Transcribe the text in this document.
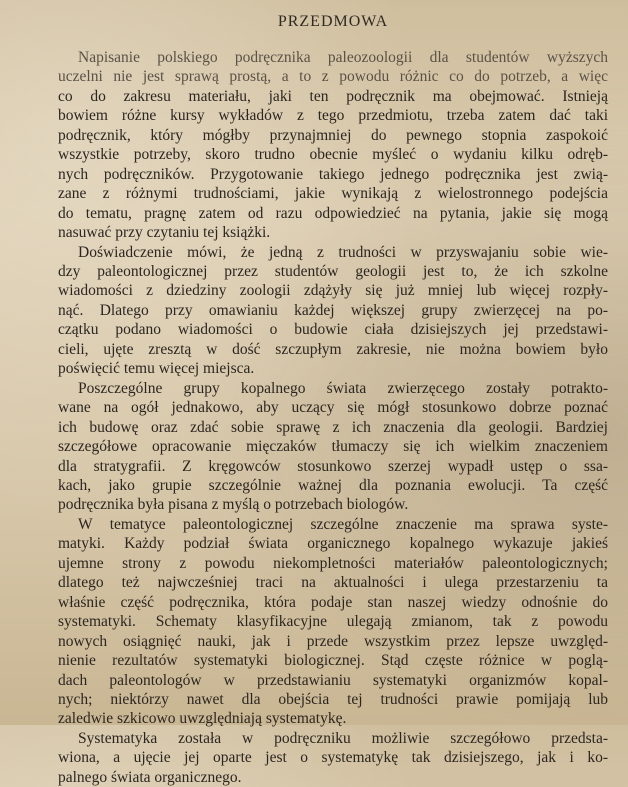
PRZEDMOWA
Napisanie polskiego podręcznika paleozoologii dla studentów wyższych
uczelni nie jest sprawą prostą, a to z powodu różnic co do potrzeb, a więc
co do zakresu materiału, jaki ten podręcznik ma obejmować. Istnieją
bowiem różne kursy wykładów z tego przedmiotu, trzeba zatem dać taki
podręcznik, który mógłby przynajmniej do pewnego stopnia zaspokoić
wszystkie potrzeby, skoro trudno obecnie myśleć o wydaniu kilku odręb-
nych podręczników. Przygotowanie takiego jednego podręcznika jest zwią-
zane z różnymi trudnościami, jakie wynikają z wielostronnego podejścia
do tematu, pragnę zatem od razu odpowiedzieć na pytania, jakie się mogą
nasuwać przy czytaniu tej książki.
Doświadczenie mówi, że jedną z trudności w przyswajaniu sobie wie-
dzy paleontologicznej przez studentów geologii jest to, że ich szkolne
wiadomości z dziedziny zoologii zdążyły się już mniej lub więcej rozpły-
nąć. Dlatego przy omawianiu każdej większej grupy zwierzęcej na po-
czątku podano wiadomości o budowie ciała dzisiejszych jej przedstawi-
cieli, ujęte zresztą w dość szczupłym zakresie, nie można bowiem było
poświęcić temu więcej miejsca.
Poszczególne grupy kopalnego świata zwierzęcego zostały potrakto-
wane na ogół jednakowo, aby uczący się mógł stosunkowo dobrze poznać
ich budowę oraz zdać sobie sprawę z ich znaczenia dla geologii. Bardziej
szczegółowe opracowanie mięczaków tłumaczy się ich wielkim znaczeniem
dla stratygrafii. Z kręgowców stosunkowo szerzej wypadł ustęp o ssa-
kach, jako grupie szczególnie ważnej dla poznania ewolucji. Ta część
podręcznika była pisana z myślą o potrzebach biologów.
W tematyce paleontologicznej szczególne znaczenie ma sprawa syste-
matyki. Każdy podział świata organicznego kopalnego wykazuje jakieś
ujemne strony z powodu niekompletności materiałów paleontologicznych;
dlatego też najwcześniej traci na aktualności i ulega przestarzeniu ta
właśnie część podręcznika, która podaje stan naszej wiedzy odnośnie do
systematyki. Schematy klasyfikacyjne ulegają zmianom, tak z powodu
nowych osiągnięć nauki, jak i przede wszystkim przez lepsze uwzględ-
nienie rezultatów systematyki biologicznej. Stąd częste różnice w poglą-
dach paleontologów w przedstawianiu systematyki organizmów kopal-
nych; niektórzy nawet dla obejścia tej trudności prawie pomijają lub
zaledwie szkicowo uwzględniają systematykę.
Systematyka została w podręczniku możliwie szczegółowo przedsta-
wiona, a ujęcie jej oparte jest o systematykę tak dzisiejszego, jak i ko-
palnego świata organicznego.
